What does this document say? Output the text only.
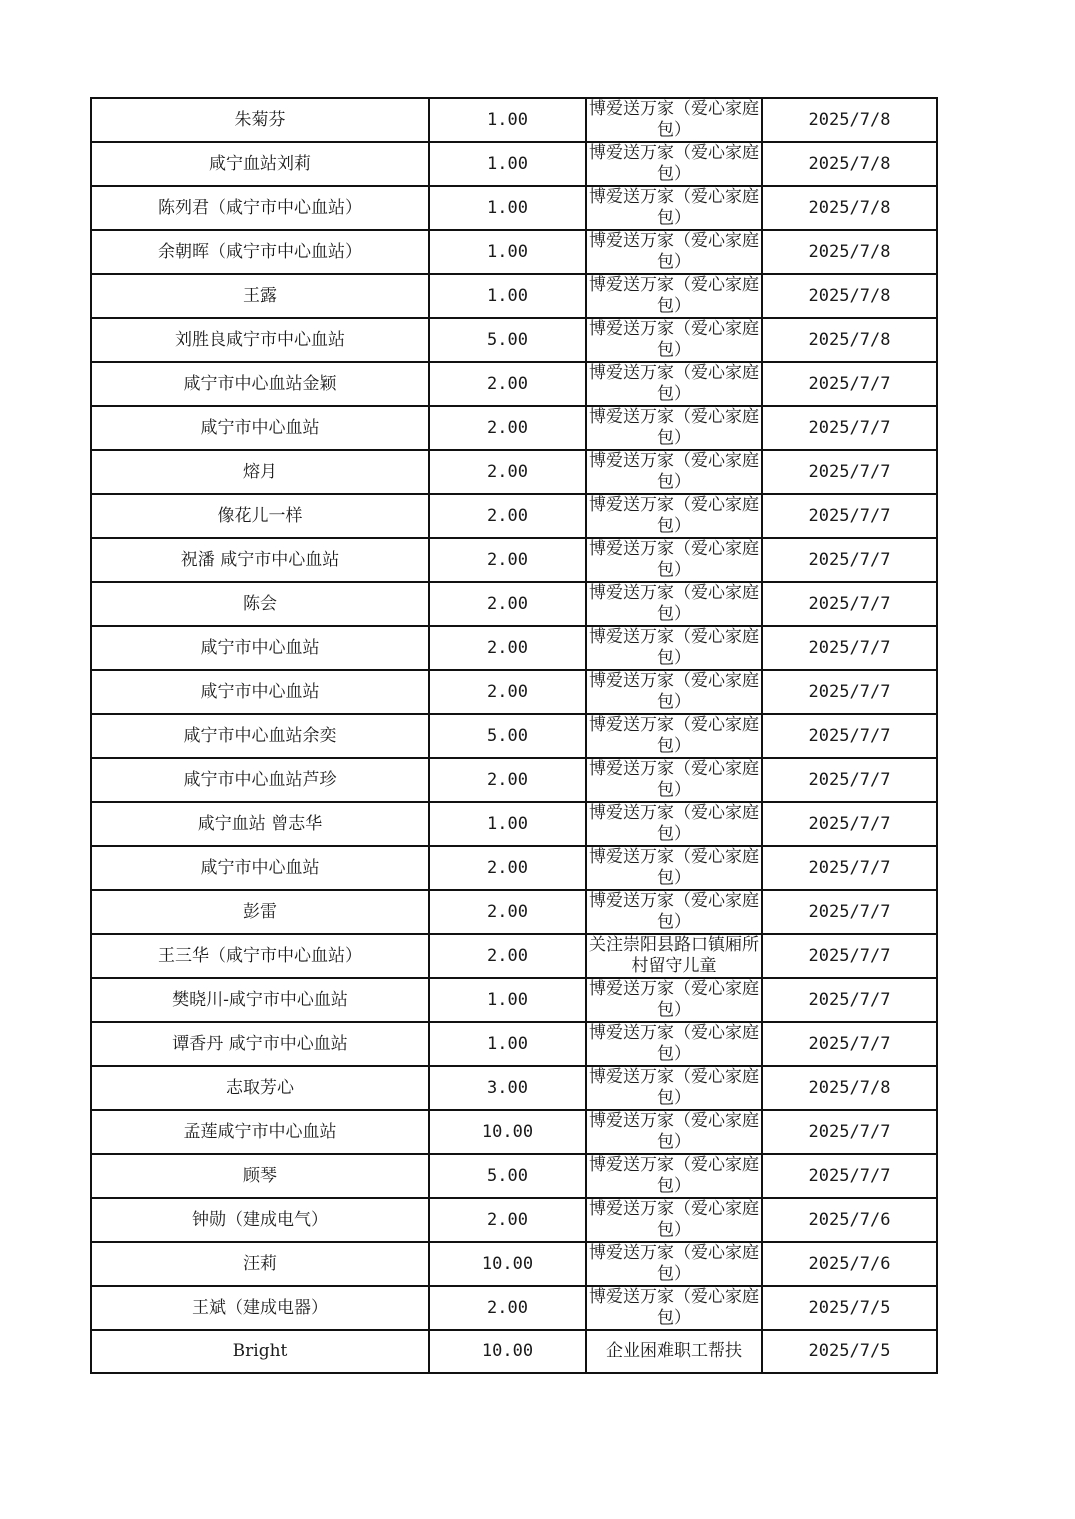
朱菊芬	1.00	博爱送万家（爱心家庭包）	2025/7/8
咸宁血站刘莉	1.00	博爱送万家（爱心家庭包）	2025/7/8
陈列君（咸宁市中心血站）	1.00	博爱送万家（爱心家庭包）	2025/7/8
余朝晖（咸宁市中心血站）	1.00	博爱送万家（爱心家庭包）	2025/7/8
王露	1.00	博爱送万家（爱心家庭包）	2025/7/8
刘胜良咸宁市中心血站	5.00	博爱送万家（爱心家庭包）	2025/7/8
咸宁市中心血站金颖	2.00	博爱送万家（爱心家庭包）	2025/7/7
咸宁市中心血站	2.00	博爱送万家（爱心家庭包）	2025/7/7
熔月	2.00	博爱送万家（爱心家庭包）	2025/7/7
像花儿一样	2.00	博爱送万家（爱心家庭包）	2025/7/7
祝潘 咸宁市中心血站	2.00	博爱送万家（爱心家庭包）	2025/7/7
陈会	2.00	博爱送万家（爱心家庭包）	2025/7/7
咸宁市中心血站	2.00	博爱送万家（爱心家庭包）	2025/7/7
咸宁市中心血站	2.00	博爱送万家（爱心家庭包）	2025/7/7
咸宁市中心血站余奕	5.00	博爱送万家（爱心家庭包）	2025/7/7
咸宁市中心血站芦珍	2.00	博爱送万家（爱心家庭包）	2025/7/7
咸宁血站 曾志华	1.00	博爱送万家（爱心家庭包）	2025/7/7
咸宁市中心血站	2.00	博爱送万家（爱心家庭包）	2025/7/7
彭雷	2.00	博爱送万家（爱心家庭包）	2025/7/7
王三华（咸宁市中心血站）	2.00	关注崇阳县路口镇厢所村留守儿童	2025/7/7
樊晓川-咸宁市中心血站	1.00	博爱送万家（爱心家庭包）	2025/7/7
谭香丹 咸宁市中心血站	1.00	博爱送万家（爱心家庭包）	2025/7/7
志取芳心	3.00	博爱送万家（爱心家庭包）	2025/7/8
孟莲咸宁市中心血站	10.00	博爱送万家（爱心家庭包）	2025/7/7
顾琴	5.00	博爱送万家（爱心家庭包）	2025/7/7
钟勋（建成电气）	2.00	博爱送万家（爱心家庭包）	2025/7/6
汪莉	10.00	博爱送万家（爱心家庭包）	2025/7/6
王斌（建成电器）	2.00	博爱送万家（爱心家庭包）	2025/7/5
Bright	10.00	企业困难职工帮扶	2025/7/5
